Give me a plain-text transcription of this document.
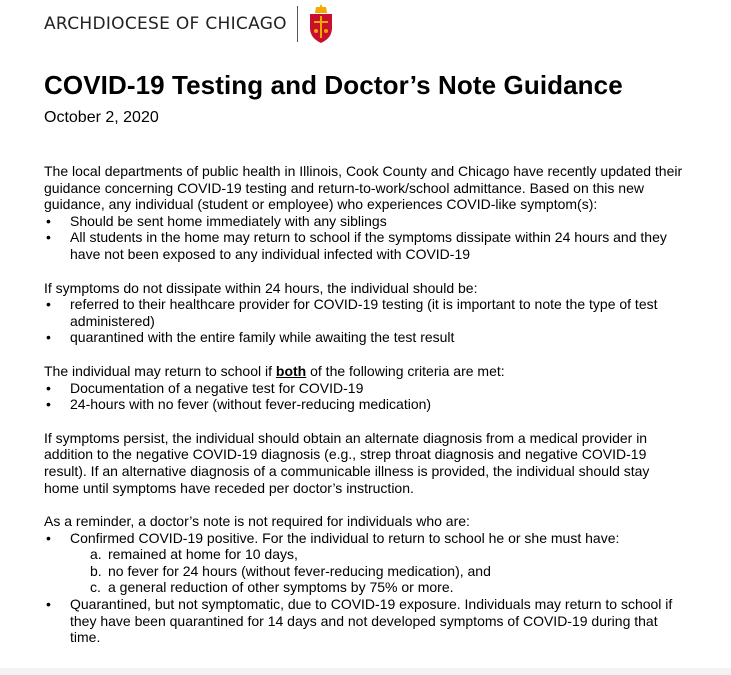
ARCHDIOCESE OF CHICAGO
COVID-19 Testing and Doctor’s Note Guidance
October 2, 2020

The local departments of public health in Illinois, Cook County and Chicago have recently updated their guidance concerning COVID-19 testing and return-to-work/school admittance. Based on this new guidance, any individual (student or employee) who experiences COVID-like symptom(s):

• Should be sent home immediately with any siblings
• All students in the home may return to school if the symptoms dissipate within 24 hours and they have not been exposed to any individual infected with COVID-19

If symptoms do not dissipate within 24 hours, the individual should be:

• referred to their healthcare provider for COVID-19 testing (it is important to note the type of test administered)
• quarantined with the entire family while awaiting the test result

The individual may return to school if both of the following criteria are met:

• Documentation of a negative test for COVID-19
• 24-hours with no fever (without fever-reducing medication)

If symptoms persist, the individual should obtain an alternate diagnosis from a medical provider in addition to the negative COVID-19 diagnosis (e.g., strep throat diagnosis and negative COVID-19 result). If an alternative diagnosis of a communicable illness is provided, the individual should stay home until symptoms have receded per doctor’s instruction.

As a reminder, a doctor’s note is not required for individuals who are:

• Confirmed COVID-19 positive. For the individual to return to school he or she must have:
a. remained at home for 10 days,
b. no fever for 24 hours (without fever-reducing medication), and
c. a general reduction of other symptoms by 75% or more.
• Quarantined, but not symptomatic, due to COVID-19 exposure. Individuals may return to school if they have been quarantined for 14 days and not developed symptoms of COVID-19 during that time.
